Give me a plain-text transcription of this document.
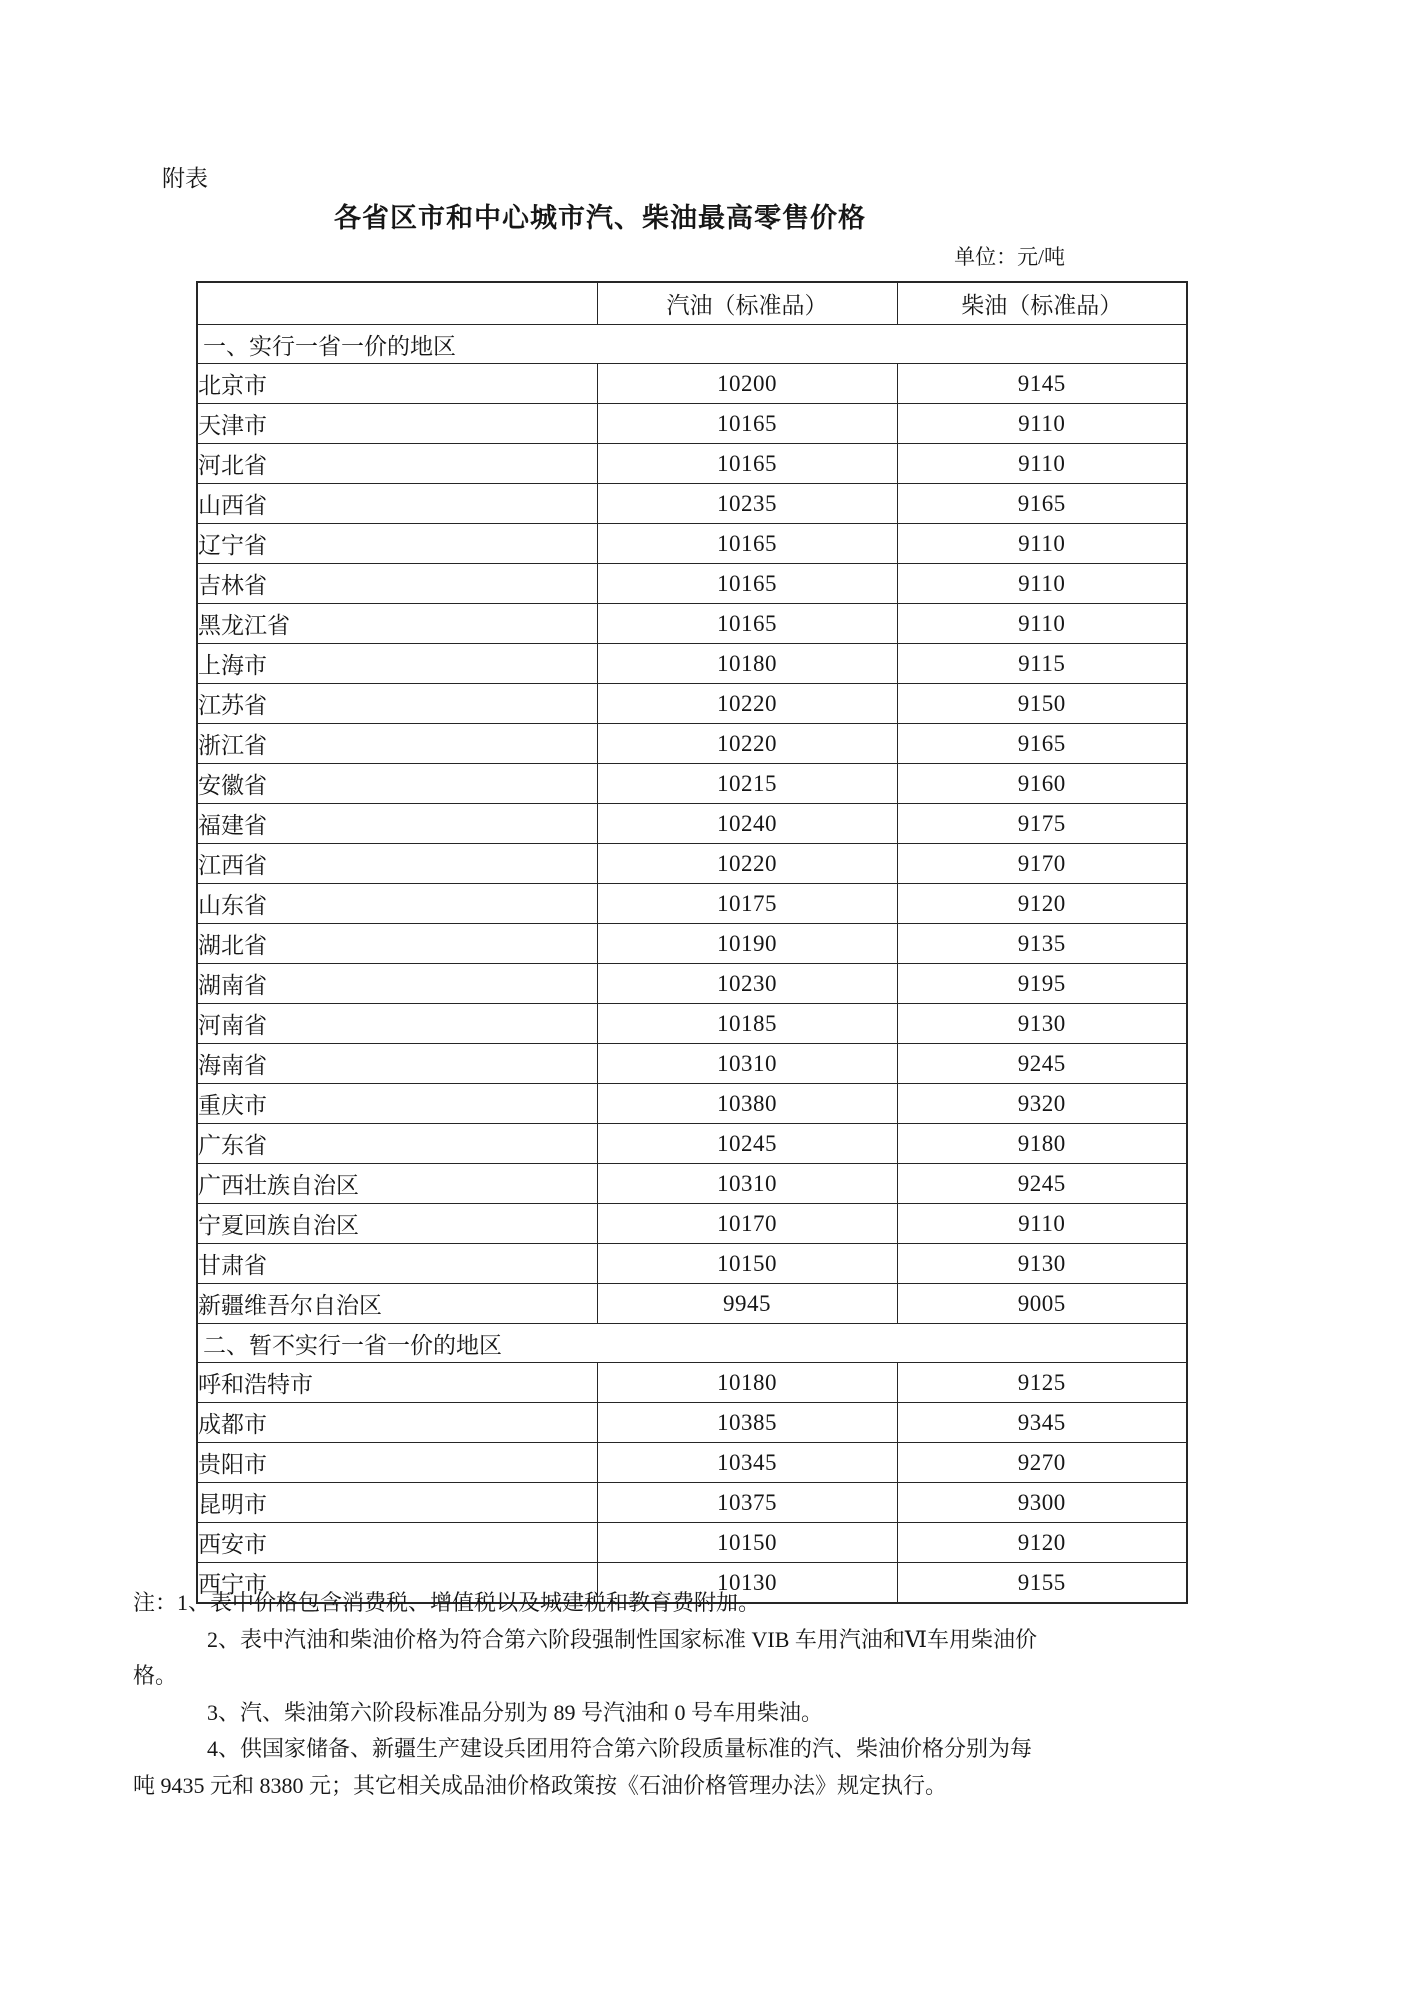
附表
各省区市和中心城市汽、柴油最高零售价格
单位：元/吨
	汽油（标准品）	柴油（标准品）
一、实行一省一价的地区		
北京市	10200	9145
天津市	10165	9110
河北省	10165	9110
山西省	10235	9165
辽宁省	10165	9110
吉林省	10165	9110
黑龙江省	10165	9110
上海市	10180	9115
江苏省	10220	9150
浙江省	10220	9165
安徽省	10215	9160
福建省	10240	9175
江西省	10220	9170
山东省	10175	9120
湖北省	10190	9135
湖南省	10230	9195
河南省	10185	9130
海南省	10310	9245
重庆市	10380	9320
广东省	10245	9180
广西壮族自治区	10310	9245
宁夏回族自治区	10170	9110
甘肃省	10150	9130
新疆维吾尔自治区	9945	9005
二、暂不实行一省一价的地区		
呼和浩特市	10180	9125
成都市	10385	9345
贵阳市	10345	9270
昆明市	10375	9300
西安市	10150	9120
西宁市	10130	9155
注：1、表中价格包含消费税、增值税以及城建税和教育费附加。
2、表中汽油和柴油价格为符合第六阶段强制性国家标准 VIB 车用汽油和Ⅵ车用柴油价
格。
3、汽、柴油第六阶段标准品分别为 89 号汽油和 0 号车用柴油。
4、供国家储备、新疆生产建设兵团用符合第六阶段质量标准的汽、柴油价格分别为每
吨 9435 元和 8380 元；其它相关成品油价格政策按《石油价格管理办法》规定执行。
